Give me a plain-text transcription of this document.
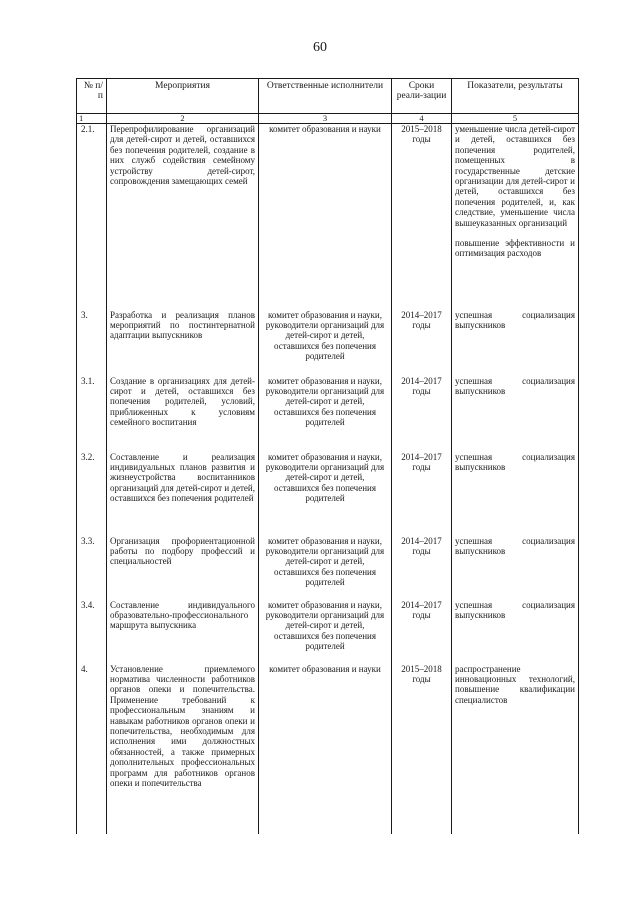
60
№ п/п	Мероприятия	Ответственные исполнители	Сроки реали-зации	Показатели, результаты
1	2	3	4	5
2.1.	Перепрофилирование организаций для детей-сирот и детей, оставшихся без попечения родителей, создание в них служб содействия семейному устройству детей-сирот, сопровождения замещающих семей	комитет образования и науки	2015–2018 годы	уменьшение числа детей-сирот и детей, оставшихся без попечения родителей, помещенных в государственные детские организации для детей-сирот и детей, оставшихся без попечения родителей, и, как следствие, уменьшение числа вышеуказанных организаций
повышение эффективности и оптимизация расходов
3.	Разработка и реализация планов мероприятий по постинтернатной адаптации выпускников	комитет образования и науки, руководители организаций для детей-сирот и детей, оставшихся без попечения родителей	2014–2017 годы	успешная социализация выпускников
3.1.	Создание в организациях для детей-сирот и детей, оставшихся без попечения родителей, условий, приближенных к условиям семейного воспитания	комитет образования и науки, руководители организаций для детей-сирот и детей, оставшихся без попечения родителей	2014–2017 годы	успешная социализация выпускников
3.2.	Составление и реализация индивидуальных планов развития и жизнеустройства воспитанников организаций для детей-сирот и детей, оставшихся без попечения родителей	комитет образования и науки, руководители организаций для детей-сирот и детей, оставшихся без попечения родителей	2014–2017 годы	успешная социализация выпускников
3.3.	Организация профориентационной работы по подбору профессий и специальностей	комитет образования и науки, руководители организаций для детей-сирот и детей, оставшихся без попечения родителей	2014–2017 годы	успешная социализация выпускников
3.4.	Составление индивидуального образовательно-профессионального маршрута выпускника	комитет образования и науки, руководители организаций для детей-сирот и детей, оставшихся без попечения родителей	2014–2017 годы	успешная социализация выпускников
4.	Установление приемлемого норматива численности работников органов опеки и попечительства. Применение требований к профессиональным знаниям и навыкам работников органов опеки и попечительства, необходимым для исполнения ими должностных обязанностей, а также примерных дополнительных профессиональных программ для работников органов опеки и попечительства	комитет образования и науки	2015–2018 годы	распространение инновационных технологий, повышение квалификации специалистов
